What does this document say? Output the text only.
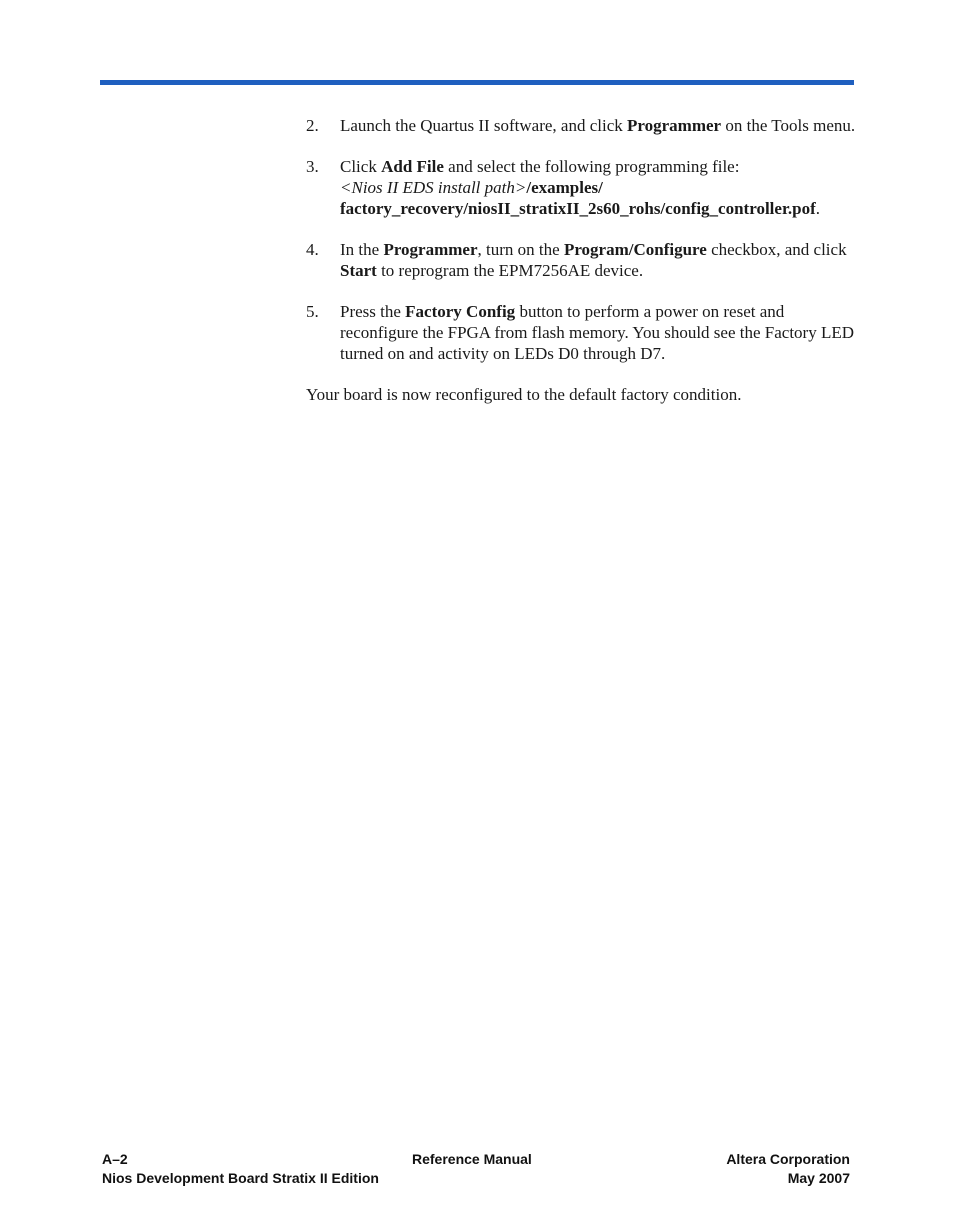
2. Launch the Quartus II software, and click Programmer on the Tools menu.
3. Click Add File and select the following programming file:
<Nios II EDS install path>/examples/
factory_recovery/niosII_stratixII_2s60_rohs/config_controller.pof.
4. In the Programmer, turn on the Program/Configure checkbox, and click Start to reprogram the EPM7256AE device.
5. Press the Factory Config button to perform a power on reset and reconfigure the FPGA from flash memory. You should see the Factory LED turned on and activity on LEDs D0 through D7.

Your board is now reconfigured to the default factory condition.

A–2	Reference Manual	Altera Corporation
Nios Development Board Stratix II Edition	May 2007
